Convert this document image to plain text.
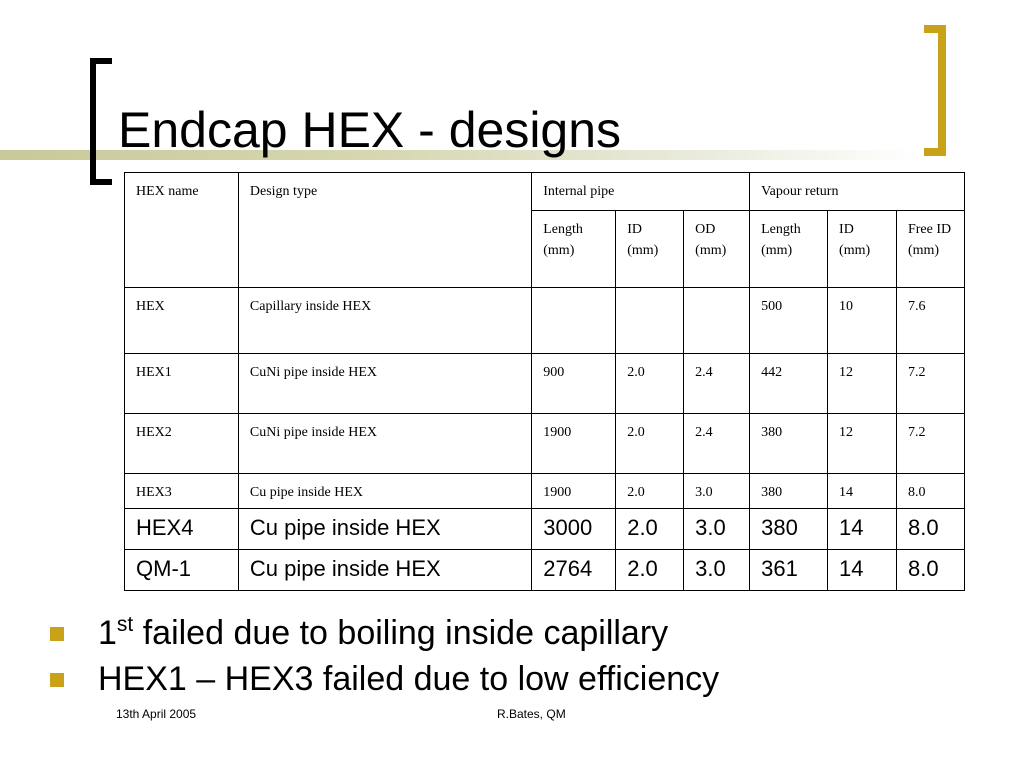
Endcap HEX - designs
HEX name	Design type	Internal pipe			Vapour return		

		Length (mm)	ID (mm)	OD (mm)	Length (mm)	ID (mm)	Free ID (mm)

HEX	Capillary inside HEX				500	10	7.6

HEX1	CuNi pipe inside HEX	900	2.0	2.4	442	12	7.2

HEX2	CuNi pipe inside HEX	1900	2.0	2.4	380	12	7.2

HEX3	Cu pipe inside HEX	1900	2.0	3.0	380	14	8.0

HEX4	Cu pipe inside HEX	3000	2.0	3.0	380	14	8.0

QM-1	Cu pipe inside HEX	2764	2.0	3.0	361	14	8.0
1st failed due to boiling inside capillary
HEX1 – HEX3 failed due to low efficiency
13th April 2005	R.Bates, QM
